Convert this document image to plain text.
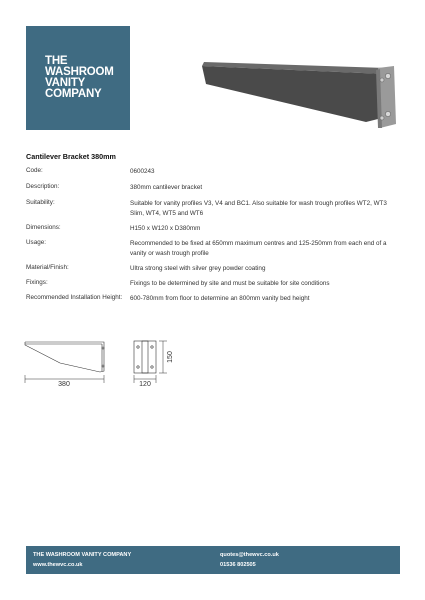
THE
WASHROOM
VANITY
COMPANY
Cantilever Bracket 380mm
Code:	0600243
Description:	380mm cantilever bracket
Suitability:	Suitable for vanity profiles V3, V4 and BC1. Also suitable for wash trough profiles WT2, WT3 Slim, WT4, WT5 and WT6
Dimensions:	H150 x W120 x D380mm
Usage:	Recommended to be fixed at 650mm maximum centres and 125-250mm from each end of a vanity or wash trough profile
Material/Finish:	Ultra strong steel with silver grey powder coating
Fixings:	Fixings to be determined by site and must be suitable for site conditions
Recommended Installation Height:	600-780mm from floor to determine an 800mm vanity bed height
380	120
150
THE WASHROOM VANITY COMPANY
www.thewvc.co.uk
quotes@thewvc.co.uk
01536 802505
